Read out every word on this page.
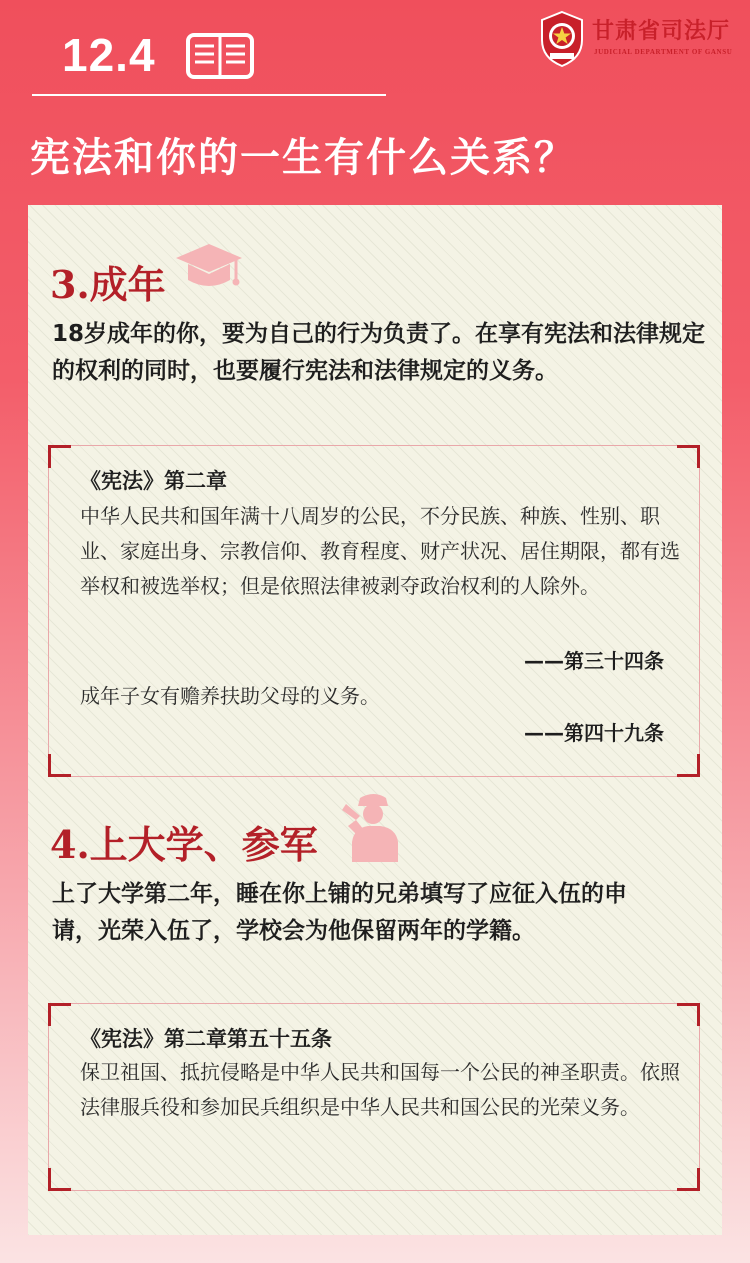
12.4	甘肃省司法厅
JUDICIAL DEPARTMENT OF GANSU
宪法和你的一生有什么关系？
3.成年
18岁成年的你，要为自己的行为负责了。在享有宪法和法律规定的权利的同时，也要履行宪法和法律规定的义务。
《宪法》第二章
中华人民共和国年满十八周岁的公民，不分民族、种族、性别、职业、家庭出身、宗教信仰、教育程度、财产状况、居住期限，都有选举权和被选举权；但是依照法律被剥夺政治权利的人除外。
——第三十四条
成年子女有赡养扶助父母的义务。
——第四十九条
4.上大学、参军
上了大学第二年，睡在你上铺的兄弟填写了应征入伍的申请，光荣入伍了，学校会为他保留两年的学籍。
《宪法》第二章第五十五条
保卫祖国、抵抗侵略是中华人民共和国每一个公民的神圣职责。依照法律服兵役和参加民兵组织是中华人民共和国公民的光荣义务。
